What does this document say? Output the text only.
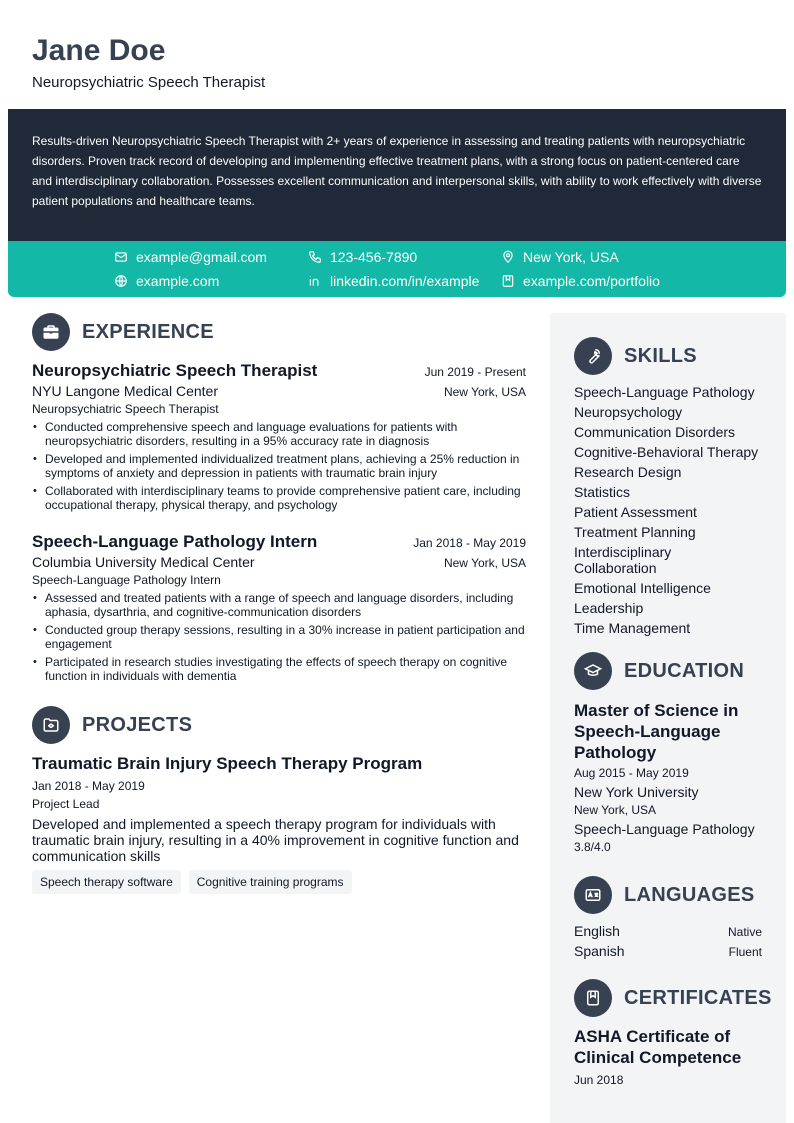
Jane Doe
Neuropsychiatric Speech Therapist

Results-driven Neuropsychiatric Speech Therapist with 2+ years of experience in assessing and treating patients with neuropsychiatric disorders. Proven track record of developing and implementing effective treatment plans, with a strong focus on patient-centered care and interdisciplinary collaboration. Possesses excellent communication and interpersonal skills, with ability to work effectively with diverse patient populations and healthcare teams.

example@gmail.com	123-456-7890	New York, USA
example.com	linkedin.com/in/example	example.com/portfolio
EXPERIENCE
Neuropsychiatric Speech Therapist	Jun 2019 - Present
NYU Langone Medical Center	New York, USA
Neuropsychiatric Speech Therapist
• Conducted comprehensive speech and language evaluations for patients with neuropsychiatric disorders, resulting in a 95% accuracy rate in diagnosis
• Developed and implemented individualized treatment plans, achieving a 25% reduction in symptoms of anxiety and depression in patients with traumatic brain injury
• Collaborated with interdisciplinary teams to provide comprehensive patient care, including occupational therapy, physical therapy, and psychology
Speech-Language Pathology Intern	Jan 2018 - May 2019
Columbia University Medical Center	New York, USA
Speech-Language Pathology Intern
• Assessed and treated patients with a range of speech and language disorders, including aphasia, dysarthria, and cognitive-communication disorders
• Conducted group therapy sessions, resulting in a 30% increase in patient participation and engagement
• Participated in research studies investigating the effects of speech therapy on cognitive function in individuals with dementia
PROJECTS
Traumatic Brain Injury Speech Therapy Program
Jan 2018 - May 2019
Project Lead
Developed and implemented a speech therapy program for individuals with traumatic brain injury, resulting in a 40% improvement in cognitive function and communication skills
Speech therapy software	Cognitive training programs
SKILLS
Speech-Language Pathology
Neuropsychology
Communication Disorders
Cognitive-Behavioral Therapy
Research Design
Statistics
Patient Assessment
Treatment Planning
Interdisciplinary Collaboration
Emotional Intelligence
Leadership
Time Management
EDUCATION
Master of Science in Speech-Language Pathology
Aug 2015 - May 2019
New York University
New York, USA
Speech-Language Pathology
3.8/4.0
LANGUAGES
English	Native
Spanish	Fluent
CERTIFICATES
ASHA Certificate of Clinical Competence
Jun 2018
